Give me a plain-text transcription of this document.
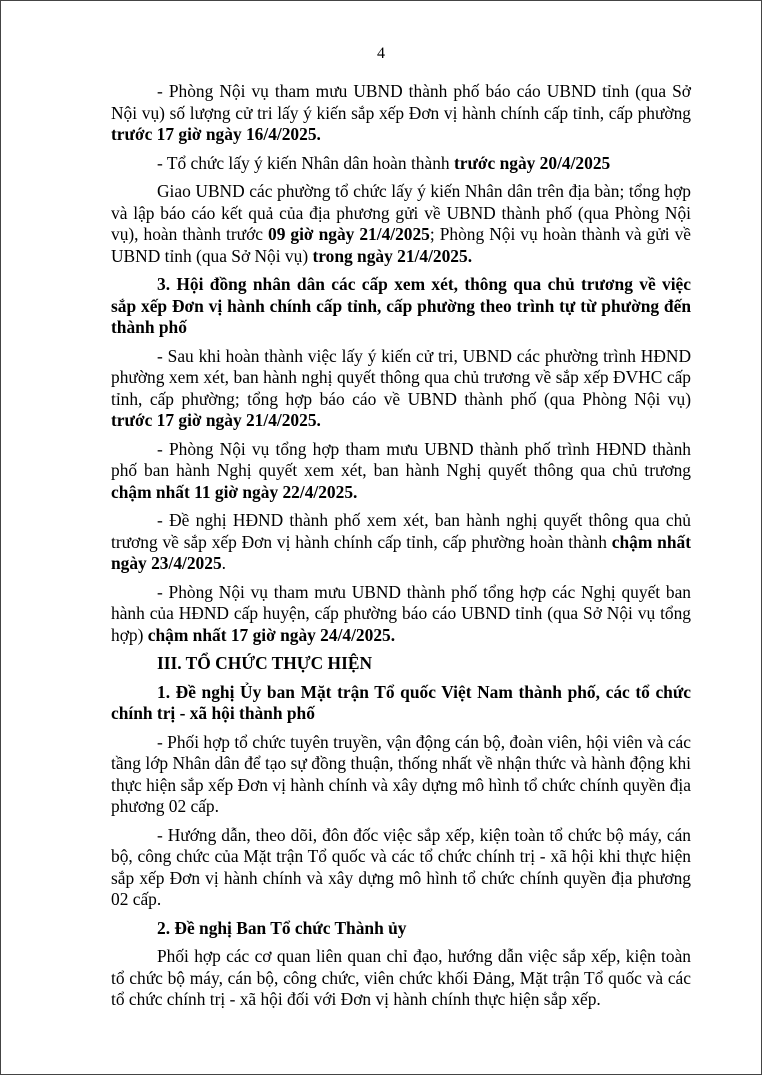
4

- Phòng Nội vụ tham mưu UBND thành phố báo cáo UBND tỉnh (qua Sở Nội vụ) số lượng cử tri lấy ý kiến sắp xếp Đơn vị hành chính cấp tỉnh, cấp phường trước 17 giờ ngày 16/4/2025.

- Tổ chức lấy ý kiến Nhân dân hoàn thành trước ngày 20/4/2025

Giao UBND các phường tổ chức lấy ý kiến Nhân dân trên địa bàn; tổng hợp và lập báo cáo kết quả của địa phương gửi về UBND thành phố (qua Phòng Nội vụ), hoàn thành trước 09 giờ ngày 21/4/2025; Phòng Nội vụ hoàn thành và gửi về UBND tỉnh (qua Sở Nội vụ) trong ngày 21/4/2025.

3. Hội đồng nhân dân các cấp xem xét, thông qua chủ trương về việc sắp xếp Đơn vị hành chính cấp tỉnh, cấp phường theo trình tự từ phường đến thành phố

- Sau khi hoàn thành việc lấy ý kiến cử tri, UBND các phường trình HĐND phường xem xét, ban hành nghị quyết thông qua chủ trương về sắp xếp ĐVHC cấp tỉnh, cấp phường; tổng hợp báo cáo về UBND thành phố (qua Phòng Nội vụ) trước 17 giờ ngày 21/4/2025.

- Phòng Nội vụ tổng hợp tham mưu UBND thành phố trình HĐND thành phố ban hành Nghị quyết xem xét, ban hành Nghị quyết thông qua chủ trương chậm nhất 11 giờ ngày 22/4/2025.

- Đề nghị HĐND thành phố xem xét, ban hành nghị quyết thông qua chủ trương về sắp xếp Đơn vị hành chính cấp tỉnh, cấp phường hoàn thành chậm nhất ngày 23/4/2025.

- Phòng Nội vụ tham mưu UBND thành phố tổng hợp các Nghị quyết ban hành của HĐND cấp huyện, cấp phường báo cáo UBND tỉnh (qua Sở Nội vụ tổng hợp) chậm nhất 17 giờ ngày 24/4/2025.

III. TỔ CHỨC THỰC HIỆN

1. Đề nghị Ủy ban Mặt trận Tổ quốc Việt Nam thành phố, các tổ chức chính trị - xã hội thành phố

- Phối hợp tổ chức tuyên truyền, vận động cán bộ, đoàn viên, hội viên và các tầng lớp Nhân dân để tạo sự đồng thuận, thống nhất về nhận thức và hành động khi thực hiện sắp xếp Đơn vị hành chính và xây dựng mô hình tổ chức chính quyền địa phương 02 cấp.

- Hướng dẫn, theo dõi, đôn đốc việc sắp xếp, kiện toàn tổ chức bộ máy, cán bộ, công chức của Mặt trận Tổ quốc và các tổ chức chính trị - xã hội khi thực hiện sắp xếp Đơn vị hành chính và xây dựng mô hình tổ chức chính quyền địa phương 02 cấp.

2. Đề nghị Ban Tổ chức Thành ủy

Phối hợp các cơ quan liên quan chỉ đạo, hướng dẫn việc sắp xếp, kiện toàn tổ chức bộ máy, cán bộ, công chức, viên chức khối Đảng, Mặt trận Tổ quốc và các tổ chức chính trị - xã hội đối với Đơn vị hành chính thực hiện sắp xếp.
